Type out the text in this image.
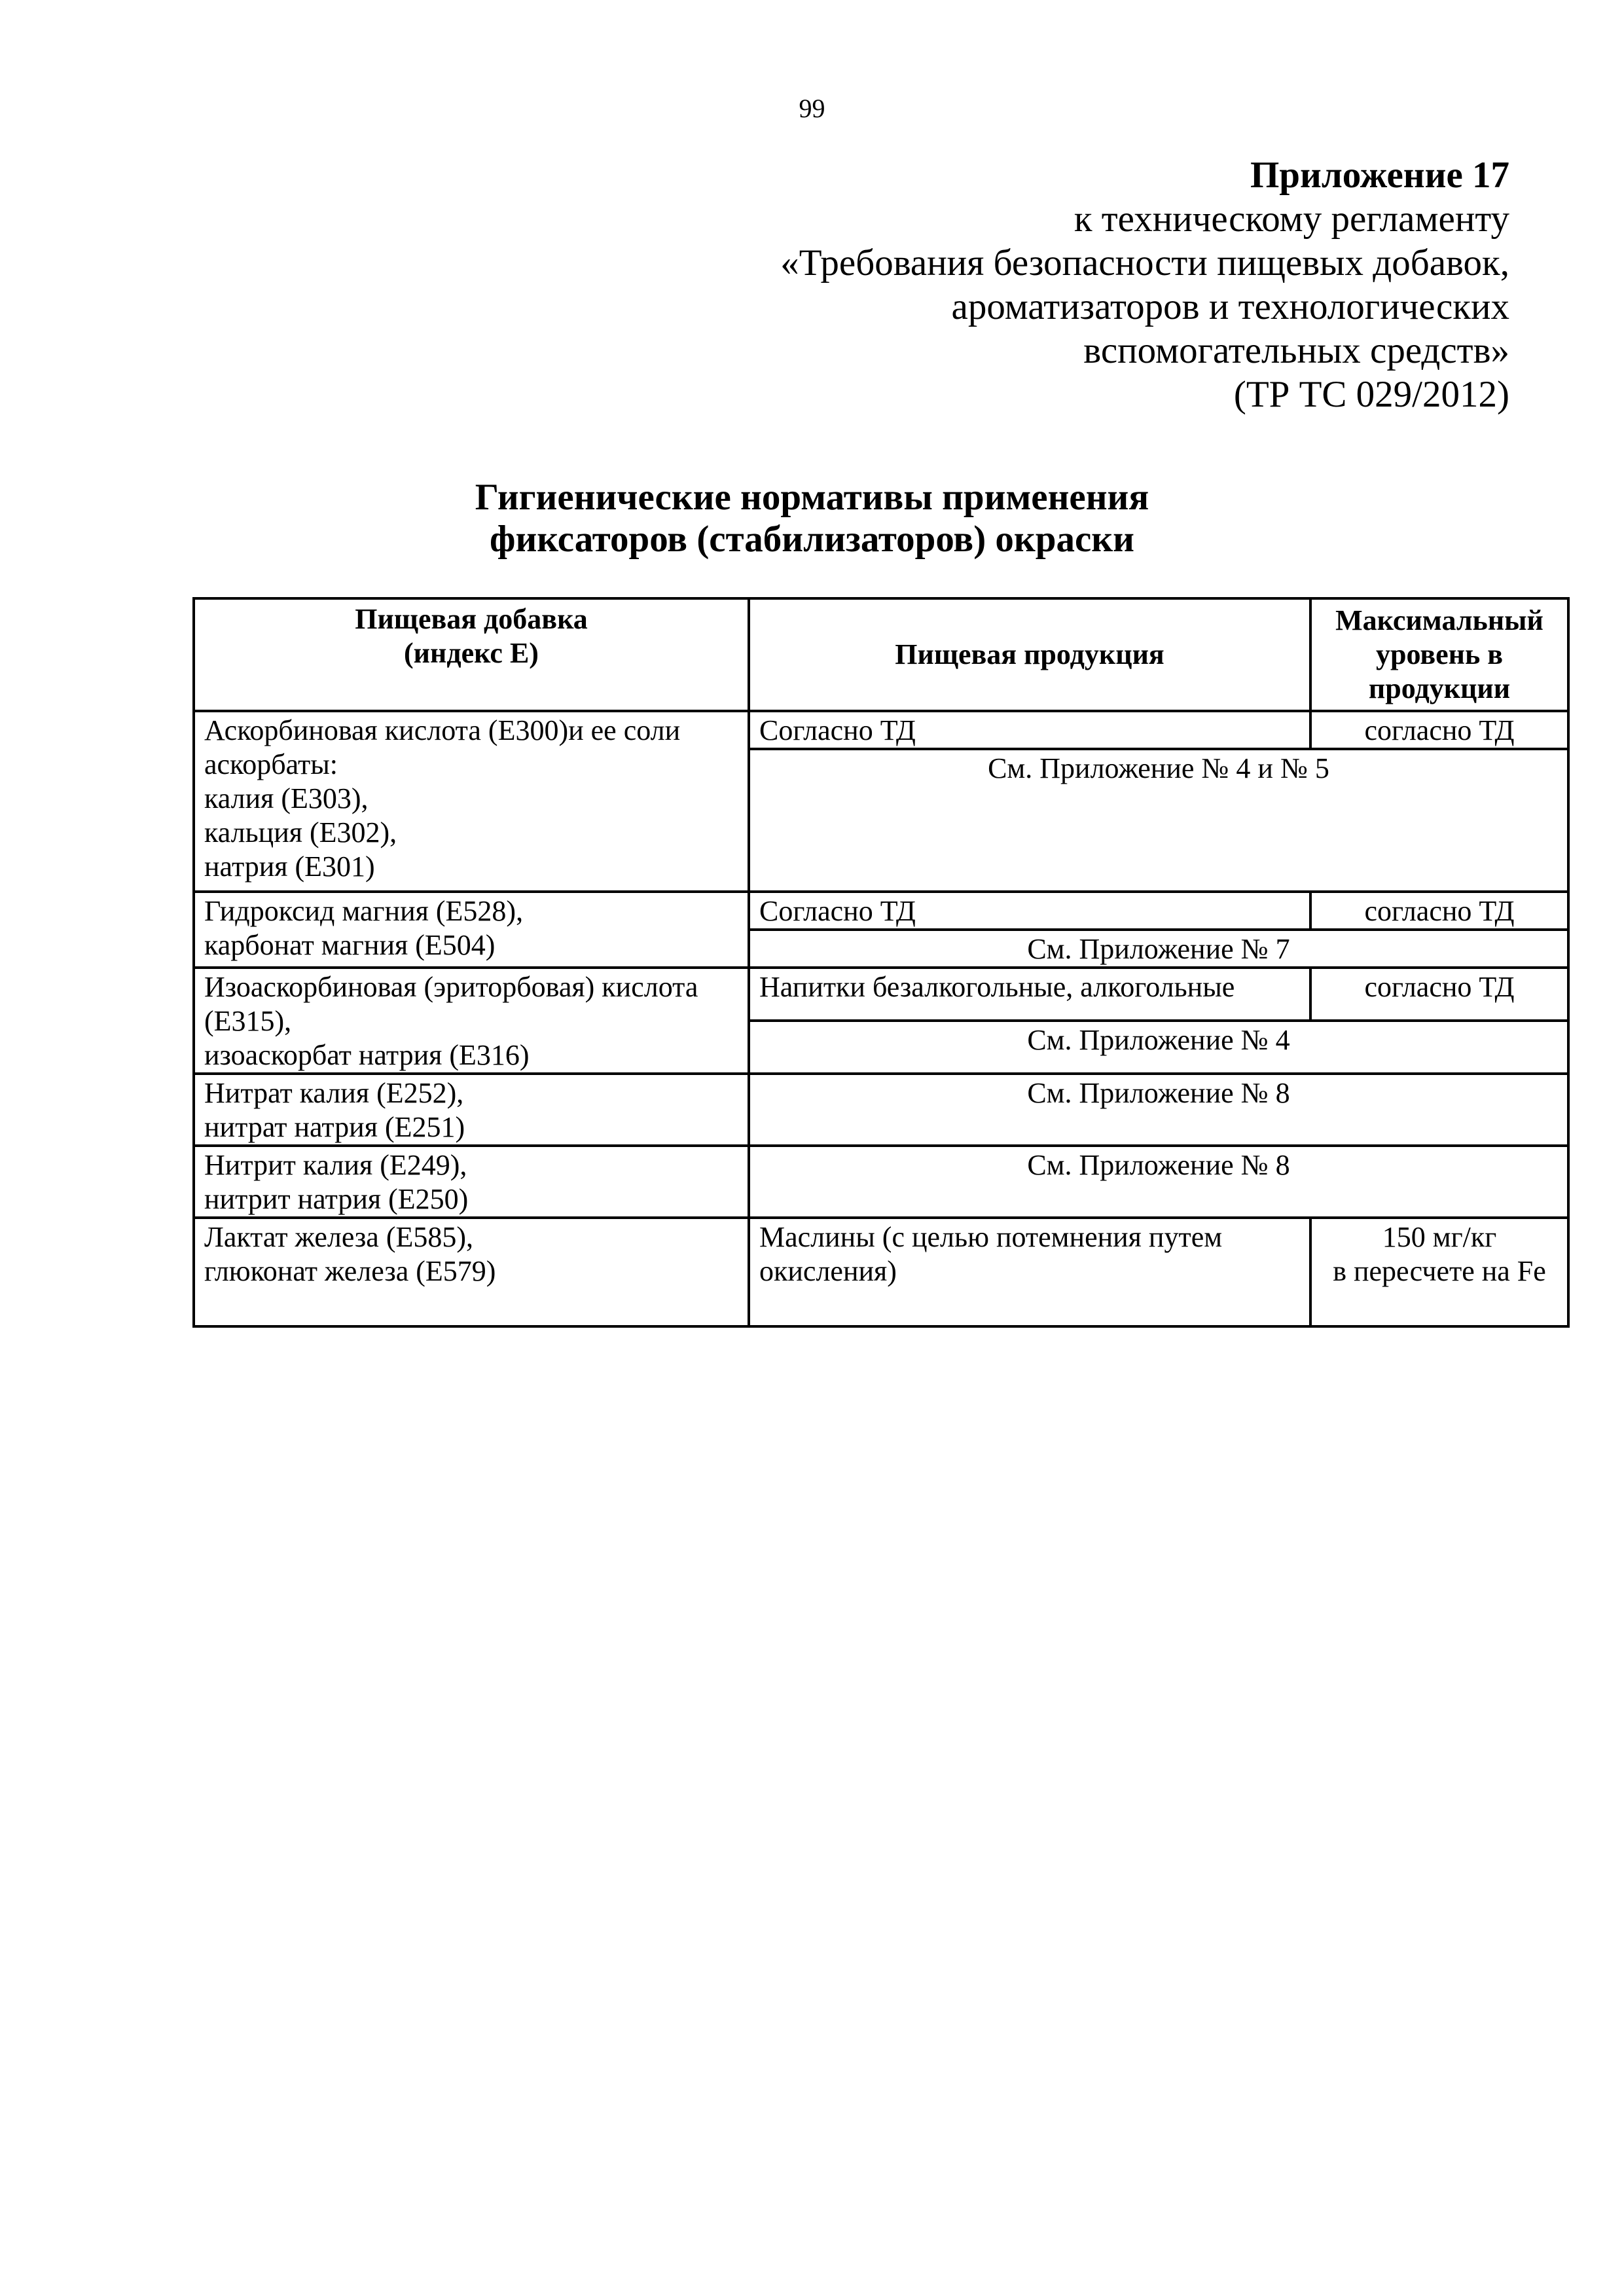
99
Приложение 17
к техническому регламенту
«Требования безопасности пищевых добавок,
ароматизаторов и технологических
вспомогательных средств»
(ТР ТС 029/2012)
Гигиенические нормативы применения
фиксаторов (стабилизаторов) окраски
Пищевая добавка
(индекс Е)	Пищевая продукция	Максимальный
уровень в
продукции

Аскорбиновая кислота (Е300)и ее соли
аскорбаты:
калия (Е303),
кальция (Е302),
натрия (Е301)	Согласно ТД	согласно ТД
	См. Приложение № 4 и № 5	

Гидроксид магния (Е528),
карбонат магния (Е504)	Согласно ТД	согласно ТД
	См. Приложение № 7	

Изоаскорбиновая (эриторбовая) кислота
(Е315),
изоаскорбат натрия (Е316)	Напитки безалкогольные, алкогольные	согласно ТД
	См. Приложение № 4	

Нитрат калия (Е252),
нитрат натрия (Е251)	См. Приложение № 8	

Нитрит калия (Е249),
нитрит натрия (Е250)	См. Приложение № 8	

Лактат железа (Е585),
глюконат железа (Е579)	Маслины (с целью потемнения путем
окисления)	150 мг/кг
в пересчете на Fe
